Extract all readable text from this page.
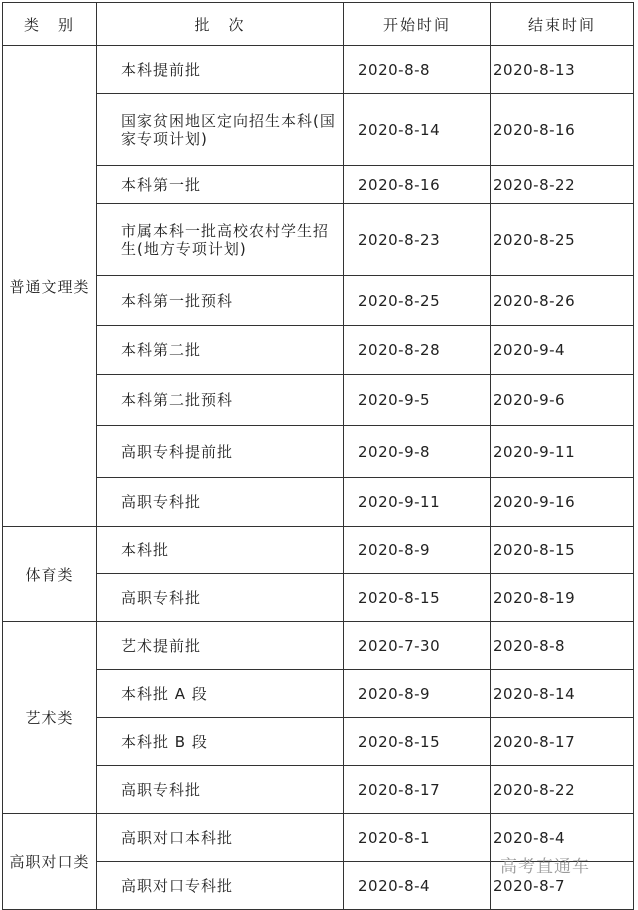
类　别	批　次	开始时间	结束时间
普通文理类	本科提前批	2020-8-8	2020-8-13
	国家贫困地区定向招生本科(国家专项计划)	2020-8-14	2020-8-16
	本科第一批	2020-8-16	2020-8-22
	市属本科一批高校农村学生招生(地方专项计划)	2020-8-23	2020-8-25
	本科第一批预科	2020-8-25	2020-8-26
	本科第二批	2020-8-28	2020-9-4
	本科第二批预科	2020-9-5	2020-9-6
	高职专科提前批	2020-9-8	2020-9-11
	高职专科批	2020-9-11	2020-9-16
体育类	本科批	2020-8-9	2020-8-15
	高职专科批	2020-8-15	2020-8-19
艺术类	艺术提前批	2020-7-30	2020-8-8
	本科批 A 段	2020-8-9	2020-8-14
	本科批 B 段	2020-8-15	2020-8-17
	高职专科批	2020-8-17	2020-8-22
高职对口类	高职对口本科批	2020-8-1	2020-8-4
	高职对口专科批	2020-8-4	2020-8-7
高考直通车
